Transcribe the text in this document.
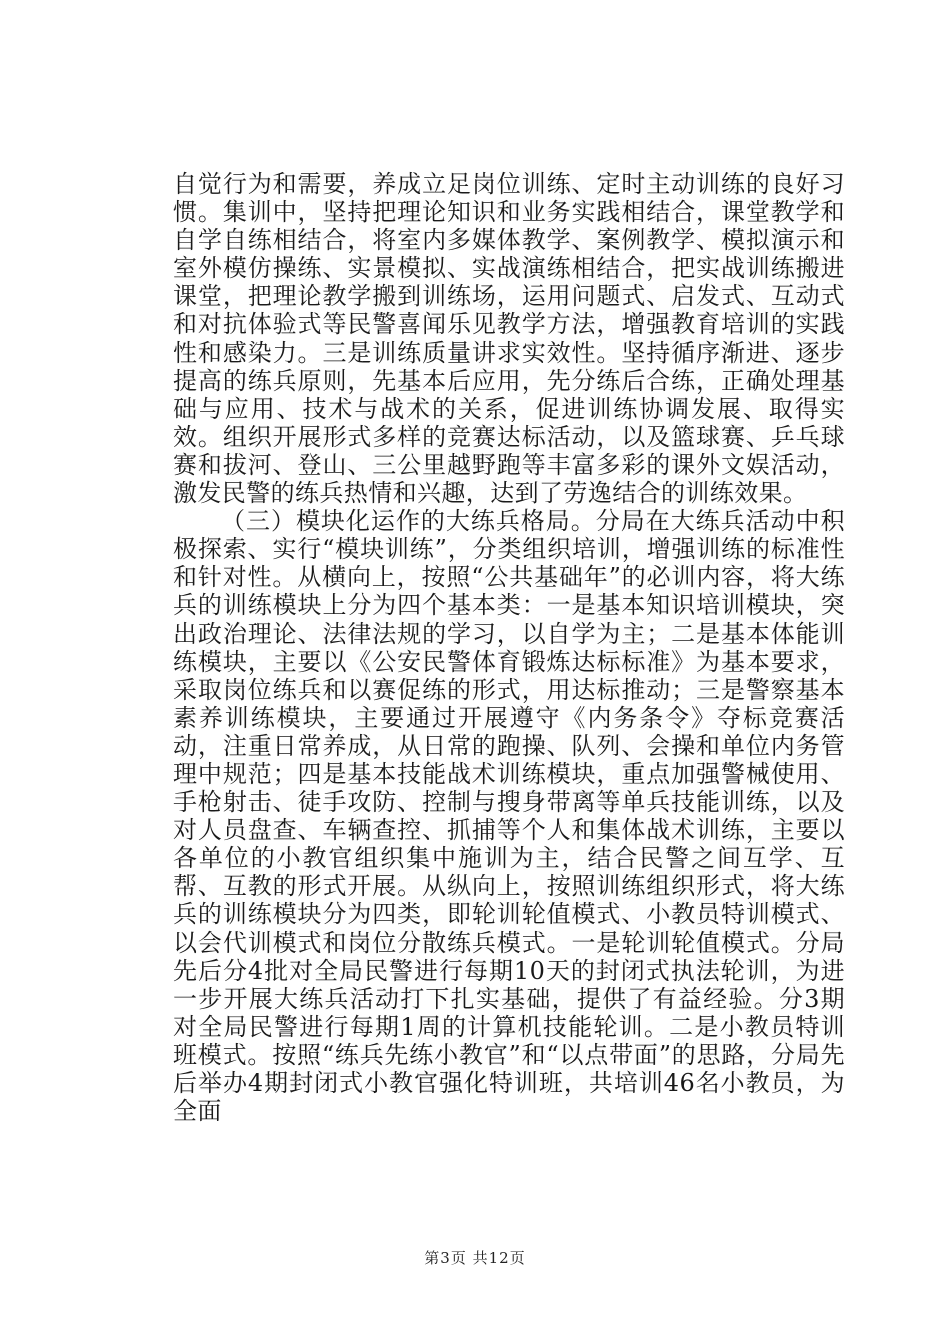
自觉行为和需要，养成立足岗位训练、定时主动训练的良好习惯。集训中，坚持把理论知识和业务实践相结合，课堂教学和自学自练相结合，将室内多媒体教学、案例教学、模拟演示和室外模仿操练、实景模拟、实战演练相结合，把实战训练搬进课堂，把理论教学搬到训练场，运用问题式、启发式、互动式和对抗体验式等民警喜闻乐见教学方法，增强教育培训的实践性和感染力。三是训练质量讲求实效性。坚持循序渐进、逐步提高的练兵原则，先基本后应用，先分练后合练，正确处理基础与应用、技术与战术的关系，促进训练协调发展、取得实效。组织开展形式多样的竞赛达标活动，以及篮球赛、乒乓球赛和拔河、登山、三公里越野跑等丰富多彩的课外文娱活动，激发民警的练兵热情和兴趣，达到了劳逸结合的训练效果。

（三）模块化运作的大练兵格局。分局在大练兵活动中积极探索、实行“模块训练”，分类组织培训，增强训练的标准性和针对性。从横向上，按照“公共基础年”的必训内容，将大练兵的训练模块上分为四个基本类：一是基本知识培训模块，突出政治理论、法律法规的学习，以自学为主；二是基本体能训练模块，主要以《公安民警体育锻炼达标标准》为基本要求，采取岗位练兵和以赛促练的形式，用达标推动；三是警察基本素养训练模块，主要通过开展遵守《内务条令》夺标竞赛活动，注重日常养成，从日常的跑操、队列、会操和单位内务管理中规范；四是基本技能战术训练模块，重点加强警械使用、手枪射击、徒手攻防、控制与搜身带离等单兵技能训练，以及对人员盘查、车辆查控、抓捕等个人和集体战术训练，主要以各单位的小教官组织集中施训为主，结合民警之间互学、互帮、互教的形式开展。从纵向上，按照训练组织形式，将大练兵的训练模块分为四类，即轮训轮值模式、小教员特训模式、以会代训模式和岗位分散练兵模式。一是轮训轮值模式。分局先后分4批对全局民警进行每期10天的封闭式执法轮训，为进一步开展大练兵活动打下扎实基础，提供了有益经验。分3期对全局民警进行每期1周的计算机技能轮训。二是小教员特训班模式。按照“练兵先练小教官”和“以点带面”的思路，分局先后举办4期封闭式小教官强化特训班，共培训46名小教员，为全面

第3页 共12页
